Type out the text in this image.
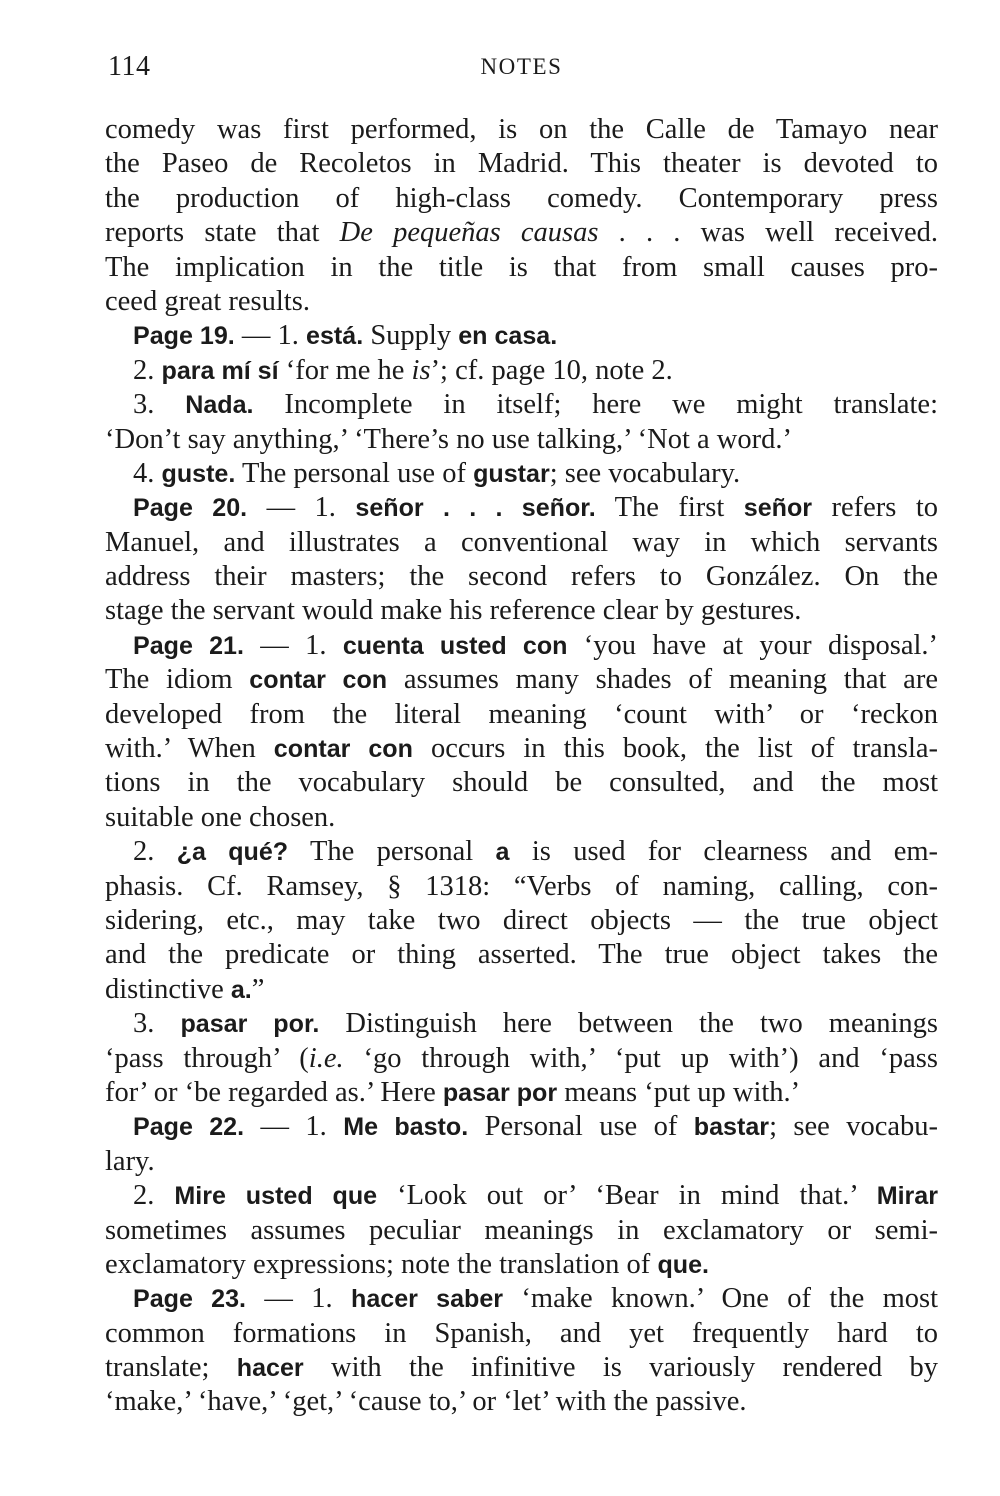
114	NOTES
comedy was first performed, is on the Calle de Tamayo near
the Paseo de Recoletos in Madrid. This theater is devoted to
the production of high-class comedy. Contemporary press
reports state that De pequeñas causas . . . was well received.
The implication in the title is that from small causes pro-
ceed great results.
Page 19. — 1. está. Supply en casa.
2. para mí sí ‘for me he is’; cf. page 10, note 2.
3. Nada. Incomplete in itself; here we might translate:
‘Don’t say anything,’ ‘There’s no use talking,’ ‘Not a word.’
4. guste. The personal use of gustar; see vocabulary.
Page 20. — 1. señor . . . señor. The first señor refers to
Manuel, and illustrates a conventional way in which servants
address their masters; the second refers to González. On the
stage the servant would make his reference clear by gestures.
Page 21. — 1. cuenta usted con ‘you have at your disposal.’
The idiom contar con assumes many shades of meaning that are
developed from the literal meaning ‘count with’ or ‘reckon
with.’ When contar con occurs in this book, the list of transla-
tions in the vocabulary should be consulted, and the most
suitable one chosen.
2. ¿a qué? The personal a is used for clearness and em-
phasis. Cf. Ramsey, § 1318: “Verbs of naming, calling, con-
sidering, etc., may take two direct objects — the true object
and the predicate or thing asserted. The true object takes the
distinctive a.”
3. pasar por. Distinguish here between the two meanings
‘pass through’ (i.e. ‘go through with,’ ‘put up with’) and ‘pass
for’ or ‘be regarded as.’ Here pasar por means ‘put up with.’
Page 22. — 1. Me basto. Personal use of bastar; see vocabu-
lary.
2. Mire usted que ‘Look out or’ ‘Bear in mind that.’ Mirar
sometimes assumes peculiar meanings in exclamatory or semi-
exclamatory expressions; note the translation of que.
Page 23. — 1. hacer saber ‘make known.’ One of the most
common formations in Spanish, and yet frequently hard to
translate; hacer with the infinitive is variously rendered by
‘make,’ ‘have,’ ‘get,’ ‘cause to,’ or ‘let’ with the passive.
